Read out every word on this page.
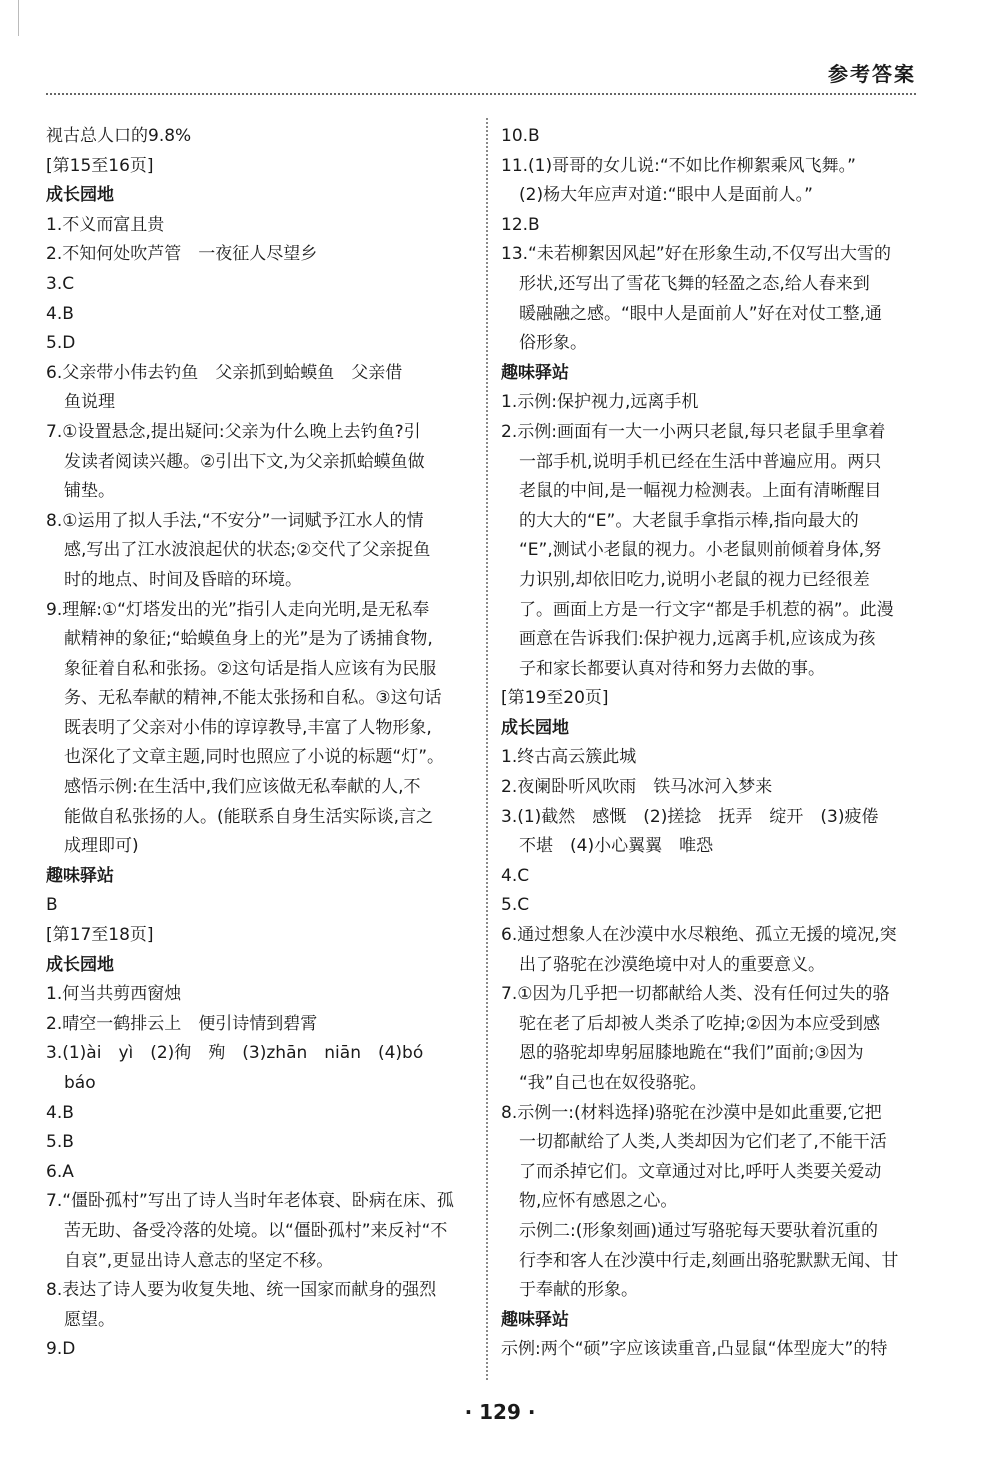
参考答案
视古总人口的9.8%
[第15至16页]
成长园地
1.不义而富且贵
2.不知何处吹芦管　一夜征人尽望乡
3.C
4.B
5.D
6.父亲带小伟去钓鱼　父亲抓到蛤蟆鱼　父亲借
鱼说理
7.①设置悬念,提出疑问:父亲为什么晚上去钓鱼?引
发读者阅读兴趣。②引出下文,为父亲抓蛤蟆鱼做
铺垫。
8.①运用了拟人手法,“不安分”一词赋予江水人的情
感,写出了江水波浪起伏的状态;②交代了父亲捉鱼
时的地点、时间及昏暗的环境。
9.理解:①“灯塔发出的光”指引人走向光明,是无私奉
献精神的象征;“蛤蟆鱼身上的光”是为了诱捕食物,
象征着自私和张扬。②这句话是指人应该有为民服
务、无私奉献的精神,不能太张扬和自私。③这句话
既表明了父亲对小伟的谆谆教导,丰富了人物形象,
也深化了文章主题,同时也照应了小说的标题“灯”。
感悟示例:在生活中,我们应该做无私奉献的人,不
能做自私张扬的人。(能联系自身生活实际谈,言之
成理即可)
趣味驿站
B
[第17至18页]
成长园地
1.何当共剪西窗烛
2.晴空一鹤排云上　便引诗情到碧霄
3.(1)ài　yì　(2)徇　殉　(3)zhān　niān　(4)bó
báo
4.B
5.B
6.A
7.“僵卧孤村”写出了诗人当时年老体衰、卧病在床、孤
苦无助、备受冷落的处境。以“僵卧孤村”来反衬“不
自哀”,更显出诗人意志的坚定不移。
8.表达了诗人要为收复失地、统一国家而献身的强烈
愿望。
9.D
10.B
11.(1)哥哥的女儿说:“不如比作柳絮乘风飞舞。”
(2)杨大年应声对道:“眼中人是面前人。”
12.B
13.“未若柳絮因风起”好在形象生动,不仅写出大雪的
形状,还写出了雪花飞舞的轻盈之态,给人春来到
暖融融之感。“眼中人是面前人”好在对仗工整,通
俗形象。
趣味驿站
1.示例:保护视力,远离手机
2.示例:画面有一大一小两只老鼠,每只老鼠手里拿着
一部手机,说明手机已经在生活中普遍应用。两只
老鼠的中间,是一幅视力检测表。上面有清晰醒目
的大大的“E”。大老鼠手拿指示棒,指向最大的
“E”,测试小老鼠的视力。小老鼠则前倾着身体,努
力识别,却依旧吃力,说明小老鼠的视力已经很差
了。画面上方是一行文字“都是手机惹的祸”。此漫
画意在告诉我们:保护视力,远离手机,应该成为孩
子和家长都要认真对待和努力去做的事。
[第19至20页]
成长园地
1.终古高云簇此城
2.夜阑卧听风吹雨　铁马冰河入梦来
3.(1)截然　感慨　(2)搓捻　抚弄　绽开　(3)疲倦
不堪　(4)小心翼翼　唯恐
4.C
5.C
6.通过想象人在沙漠中水尽粮绝、孤立无援的境况,突
出了骆驼在沙漠绝境中对人的重要意义。
7.①因为几乎把一切都献给人类、没有任何过失的骆
驼在老了后却被人类杀了吃掉;②因为本应受到感
恩的骆驼却卑躬屈膝地跪在“我们”面前;③因为
“我”自己也在奴役骆驼。
8.示例一:(材料选择)骆驼在沙漠中是如此重要,它把
一切都献给了人类,人类却因为它们老了,不能干活
了而杀掉它们。文章通过对比,呼吁人类要关爱动
物,应怀有感恩之心。
示例二:(形象刻画)通过写骆驼每天要驮着沉重的
行李和客人在沙漠中行走,刻画出骆驼默默无闻、甘
于奉献的形象。
趣味驿站
示例:两个“硕”字应该读重音,凸显鼠“体型庞大”的特
· 129 ·
